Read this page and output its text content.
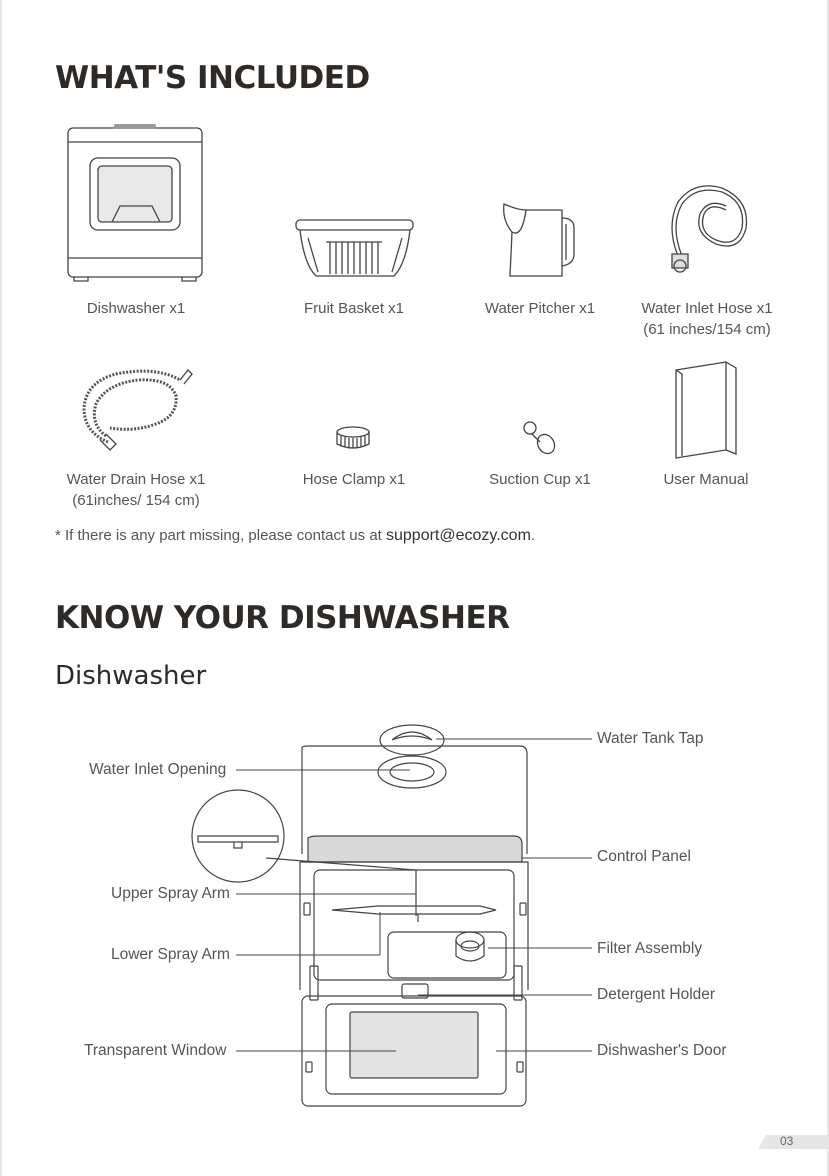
WHAT'S INCLUDED
Dishwasher x1	Fruit Basket x1	Water Pitcher x1	Water Inlet Hose x1
(61 inches/154 cm)
Water Drain Hose x1
(61inches/ 154 cm)
Hose Clamp x1	Suction Cup x1	User Manual
* If there is any part missing, please contact us at support@ecozy.com.
KNOW YOUR DISHWASHER
Dishwasher
Water Tank Tap
Water Inlet Opening
Control Panel
Upper Spray Arm
Lower Spray Arm	Filter Assembly
Detergent Holder
Transparent Window	Dishwasher's Door
03
